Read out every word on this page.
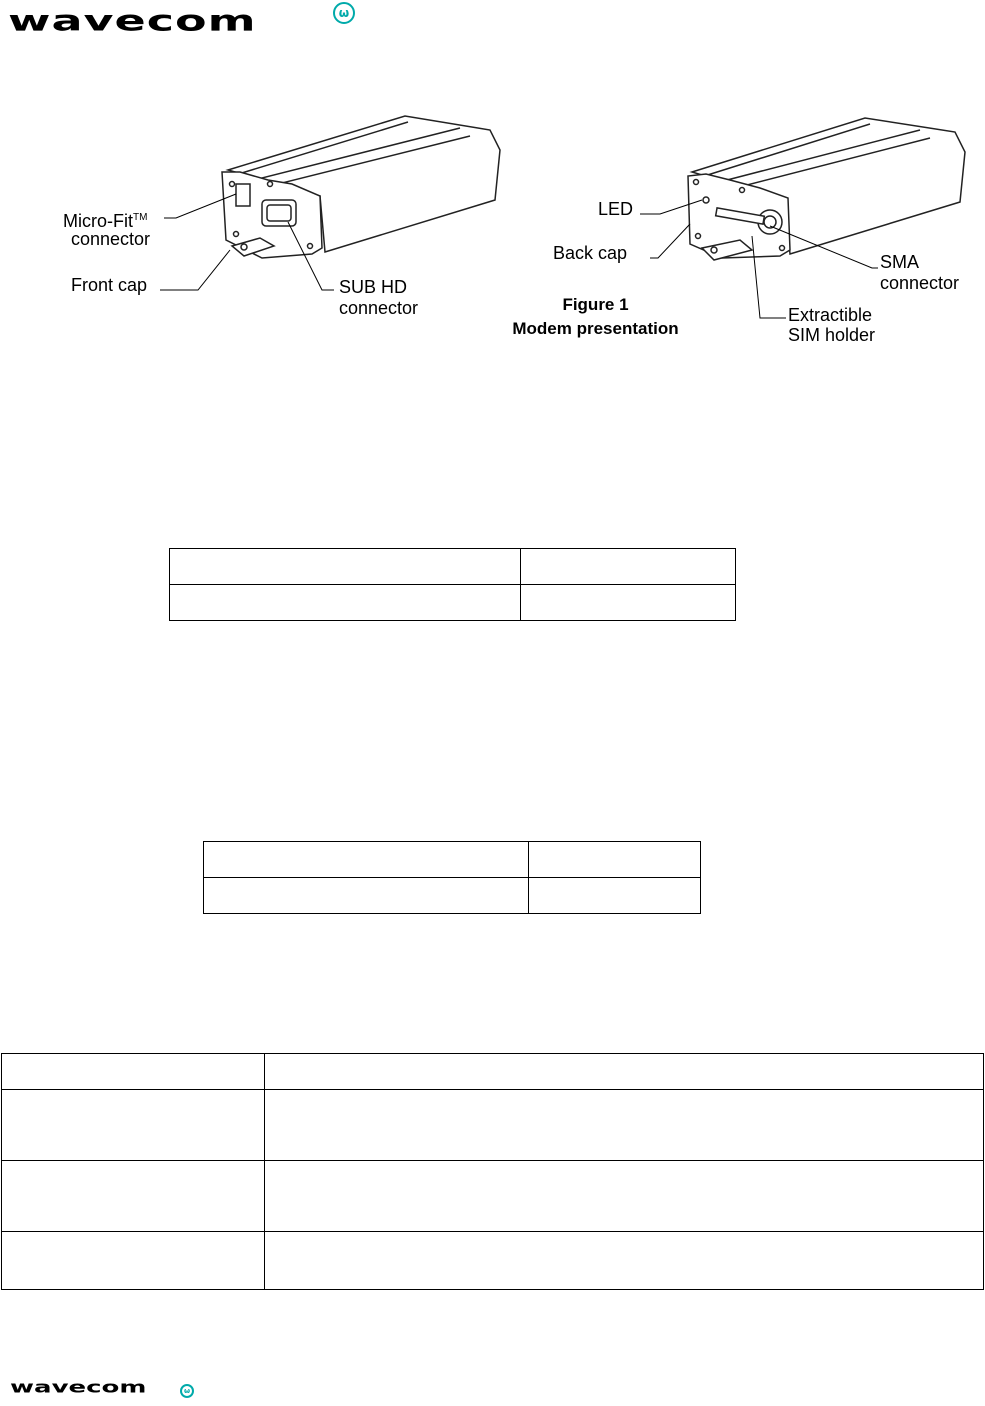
wavecom	ω
Micro-Fit™
connector
Front cap	SUB HD
connector
LED
Back cap	SMA
connector
Extractible
SIM holder
Figure 1
Modem presentation

wavecom	ω
